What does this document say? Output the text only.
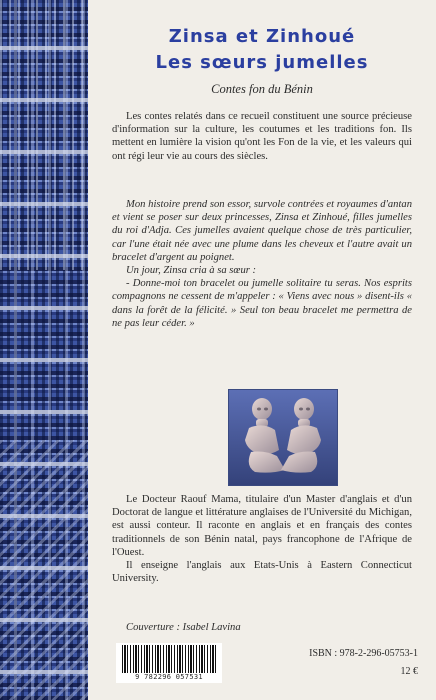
Zinsa et Zinhoué
Les sœurs jumelles
Contes fon du Bénin

Les contes relatés dans ce recueil constituent une source précieuse d'information sur la culture, les coutumes et les traditions fon. Ils mettent en lumière la vision qu'ont les Fon de la vie, et les valeurs qui ont régi leur vie au cours des siècles.

Mon histoire prend son essor, survole contrées et royaumes d'antan et vient se poser sur deux princesses, Zinsa et Zinhoué, filles jumelles du roi d'Adja. Ces jumelles avaient quelque chose de très particulier, car l'une était née avec une plume dans les cheveux et l'autre avait un bracelet d'argent au poignet.
Un jour, Zinsa cria à sa sœur :
- Donne-moi ton bracelet ou jumelle solitaire tu seras. Nos esprits compagnons ne cessent de m'appeler : « Viens avec nous » disent-ils « dans la forêt de la félicité. » Seul ton beau bracelet me permettra de ne pas leur céder. »

Le Docteur Raouf Mama, titulaire d'un Master d'anglais et d'un Doctorat de langue et littérature anglaises de l'Université du Michigan, est aussi conteur. Il raconte en anglais et en français des contes traditionnels de son Bénin natal, pays francophone de l'Afrique de l'Ouest.
Il enseigne l'anglais aux Etats-Unis à Eastern Connecticut University.

Couverture : Isabel Lavina
9 782296 057531
ISBN : 978-2-296-05753-1
12 €
